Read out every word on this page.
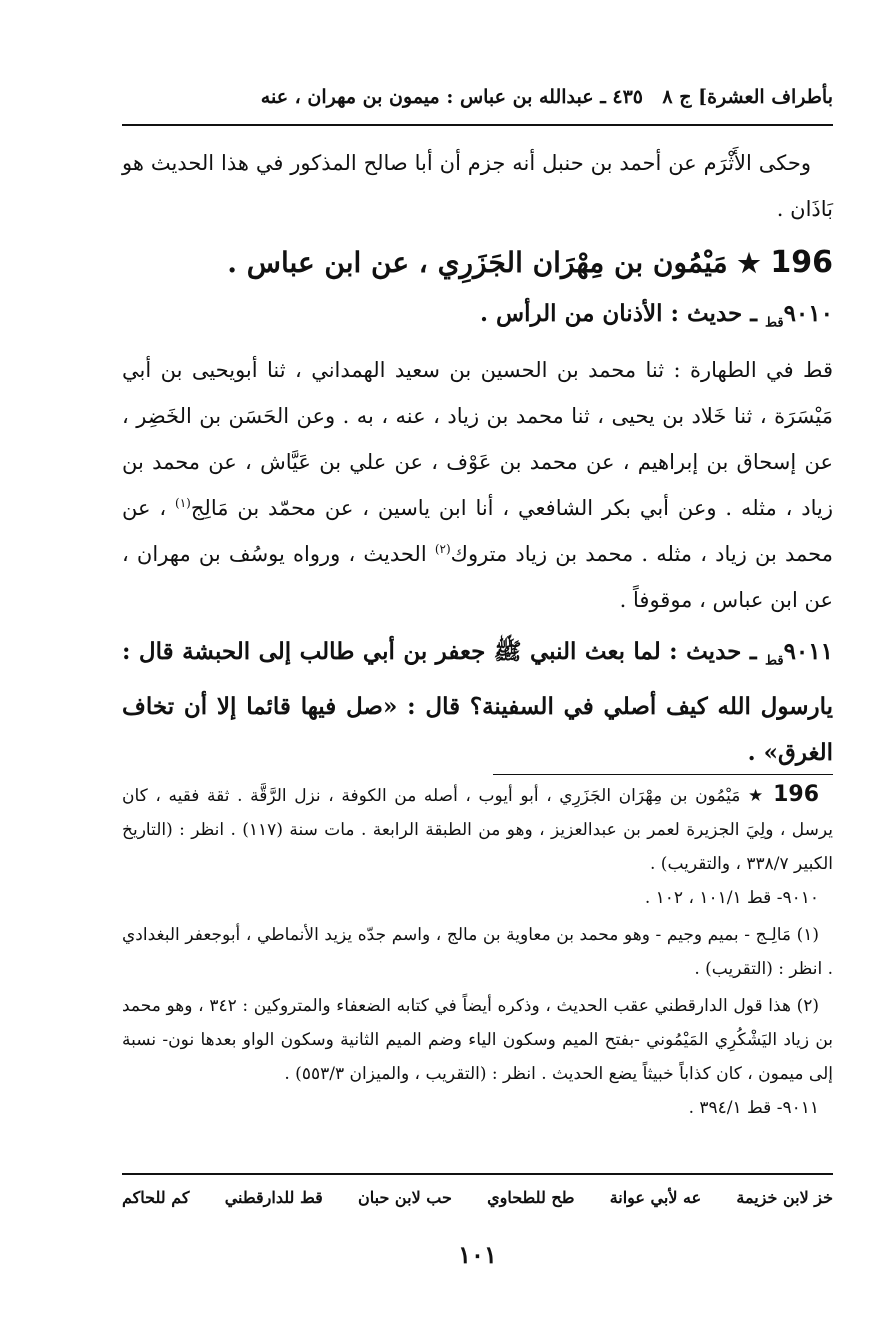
بأطراف العشرة] ج ٨
٤٣٥ ـ عبدالله بن عباس : ميمون بن مهران ، عنه

وحكى الأَثْرَم عن أحمد بن حنبل أنه جزم أن أبا صالح المذكور في هذا الحديث هو بَاذَان .

196 ★ مَيْمُون بن مِهْرَان الجَزَرِي ، عن ابن عباس .

$٩٠١٠_{قط}$ ـ حديث : الأذنان من الرأس .

قط في الطهارة : ثنا محمد بن الحسين بن سعيد الهمداني ، ثنا أبويحيى بن أبي مَيْسَرَة ، ثنا خَلاد بن يحيى ، ثنا محمد بن زياد ، عنه ، به . وعن الحَسَن بن الخَضِر ، عن إسحاق بن إبراهيم ، عن محمد بن عَوْف ، عن علي بن عَيَّاش ، عن محمد بن زياد ، مثله . وعن أبي بكر الشافعي ، أنا ابن ياسين ، عن محمّد بن مَالِج$^{(١)}$ ، عن محمد بن زياد ، مثله . محمد بن زياد متروك$^{(٢)}$ الحديث ، ورواه يوسُف بن مهران ، عن ابن عباس ، موقوفاً .

$٩٠١١_{قط}$ ـ حديث : لما بعث النبي ﷺ جعفر بن أبي طالب إلى الحبشة قال : يارسول الله كيف أصلي في السفينة؟ قال : «صل فيها قائما إلا أن تخاف الغرق» .

196 ★ مَيْمُون بن مِهْرَان الجَزَرِي ، أبو أيوب ، أصله من الكوفة ، نزل الرَّقَّة . ثقة فقيه ، كان يرسل ، ولِيَ الجزيرة لعمر بن عبدالعزيز ، وهو من الطبقة الرابعة . مات سنة (١١٧) . انظر : (التاريخ الكبير ٣٣٨/٧ ، والتقريب) .

٩٠١٠- قط ١٠١/١ ، ١٠٢ .

(١) مَالِـج - بميم وجيم - وهو محمد بن معاوية بن مالج ، واسم جدّه يزيد الأنماطي ، أبوجعفر البغدادي . انظر : (التقريب) .

(٢) هذا قول الدارقطني عقب الحديث ، وذكره أيضاً في كتابه الضعفاء والمتروكين : ٣٤٢ ، وهو محمد بن زياد اليَشْكُرِي المَيْمُوني -بفتح الميم وسكون الياء وضم الميم الثانية وسكون الواو بعدها نون- نسبة إلى ميمون ، كان كذاباً خبيثاً يضع الحديث . انظر : (التقريب ، والميزان ٥٥٣/٣) .

٩٠١١- قط ٣٩٤/١ .

خز لابن خزيمة
عه لأبي عوانة
طح للطحاوي
حب لابن حبان
قط للدارقطني
كم للحاكم
١٠١
